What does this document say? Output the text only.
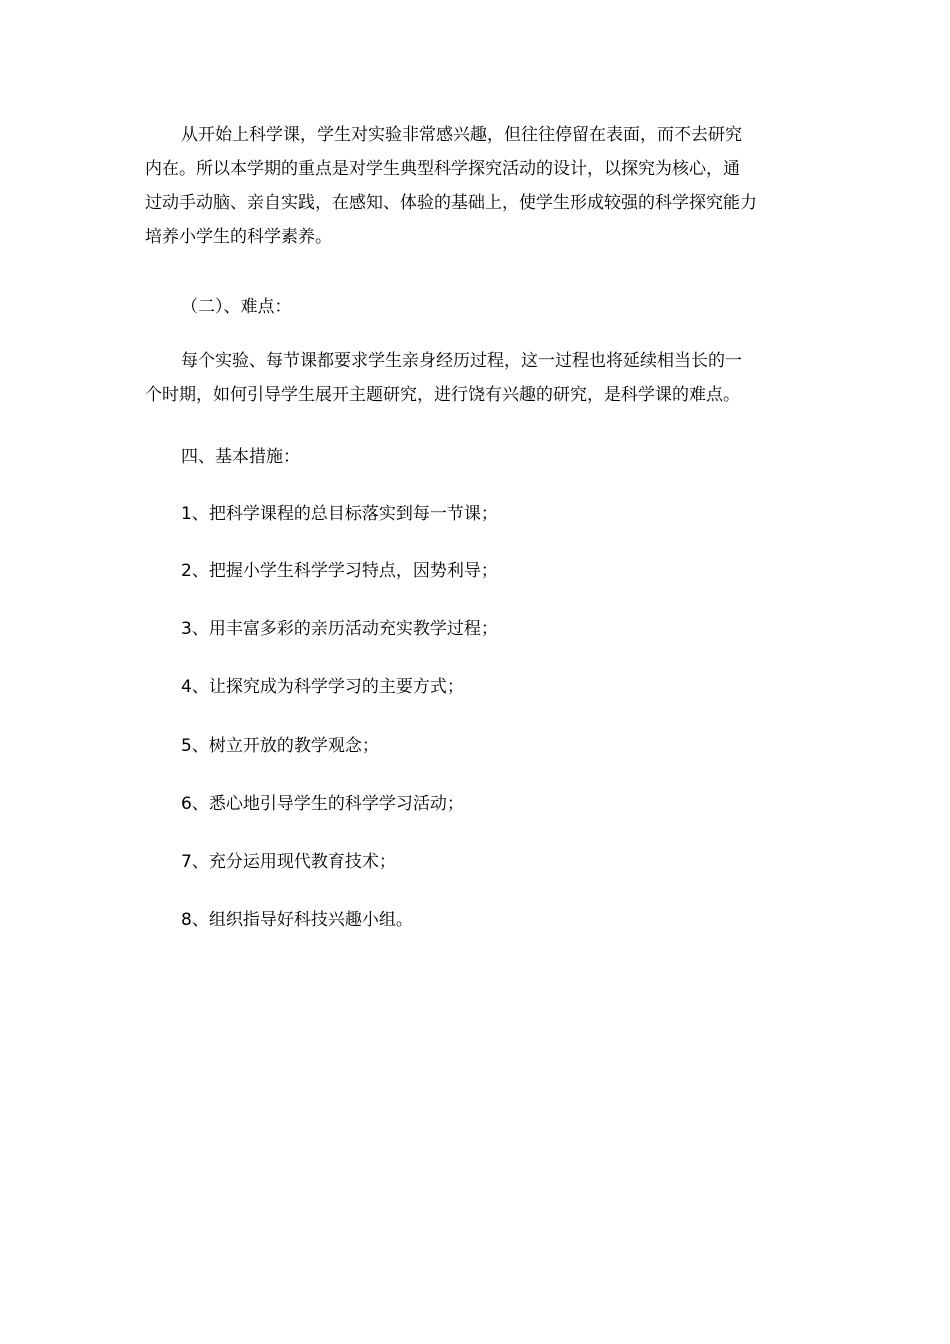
从开始上科学课，学生对实验非常感兴趣，但往往停留在表面，而不去研究
内在。所以本学期的重点是对学生典型科学探究活动的设计，以探究为核心，通
过动手动脑、亲自实践，在感知、体验的基础上，使学生形成较强的科学探究能力
培养小学生的科学素养。
（二）、难点：
每个实验、每节课都要求学生亲身经历过程，这一过程也将延续相当长的一
个时期，如何引导学生展开主题研究，进行饶有兴趣的研究，是科学课的难点。
四、基本措施：
1、把科学课程的总目标落实到每一节课；
2、把握小学生科学学习特点，因势利导；
3、用丰富多彩的亲历活动充实教学过程；
4、让探究成为科学学习的主要方式；
5、树立开放的教学观念；
6、悉心地引导学生的科学学习活动；
7、充分运用现代教育技术；
8、组织指导好科技兴趣小组。
